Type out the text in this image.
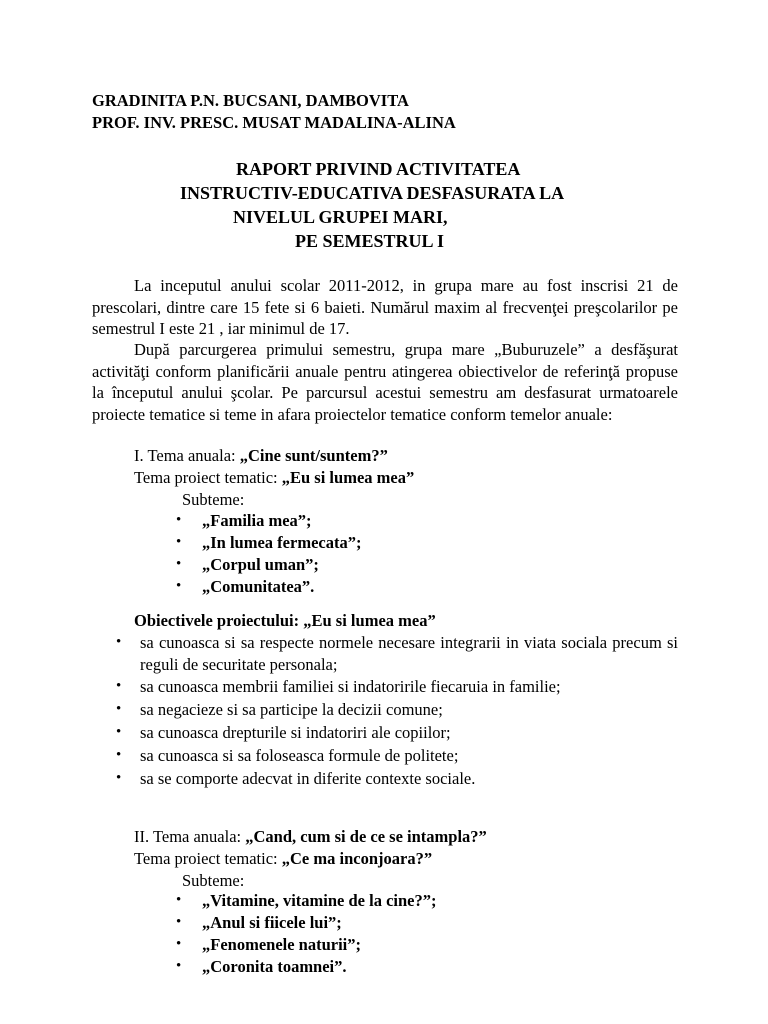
GRADINITA P.N. BUCSANI, DAMBOVITA
PROF. INV. PRESC. MUSAT MADALINA-ALINA
RAPORT PRIVIND ACTIVITATEA
INSTRUCTIV-EDUCATIVA DESFASURATA LA
NIVELUL GRUPEI MARI,
PE SEMESTRUL I

La inceputul anului scolar 2011-2012, in grupa mare au fost inscrisi 21 de prescolari, dintre care 15 fete si 6 baieti. Numărul maxim al frecvenţei preşcolarilor pe semestrul I este 21 , iar minimul de 17.

După parcurgerea primului semestru, grupa mare „Buburuzele” a desfăşurat activităţi conform planificării anuale pentru atingerea obiectivelor de referinţă propuse la începutul anului şcolar. Pe parcursul acestui semestru am desfasurat urmatoarele proiecte tematice si teme in afara proiectelor tematice conform temelor anuale:

I. Tema anuala: „Cine sunt/suntem?”
Tema proiect tematic: „Eu si lumea mea”
Subteme:
• „Familia mea”;
• „In lumea fermecata”;
• „Corpul uman”;
• „Comunitatea”.
Obiectivele proiectului: „Eu si lumea mea”
• sa cunoasca si sa respecte normele necesare integrarii in viata sociala precum si reguli de securitate personala;
• sa cunoasca membrii familiei si indatoririle fiecaruia in familie;
• sa negacieze si sa participe la decizii comune;
• sa cunoasca drepturile si indatoriri ale copiilor;
• sa cunoasca si sa foloseasca formule de politete;
• sa se comporte adecvat in diferite contexte sociale.
II. Tema anuala: „Cand, cum si de ce se intampla?”
Tema proiect tematic: „Ce ma inconjoara?”
Subteme:
• „Vitamine, vitamine de la cine?”;
• „Anul si fiicele lui”;
• „Fenomenele naturii”;
• „Coronita toamnei”.
